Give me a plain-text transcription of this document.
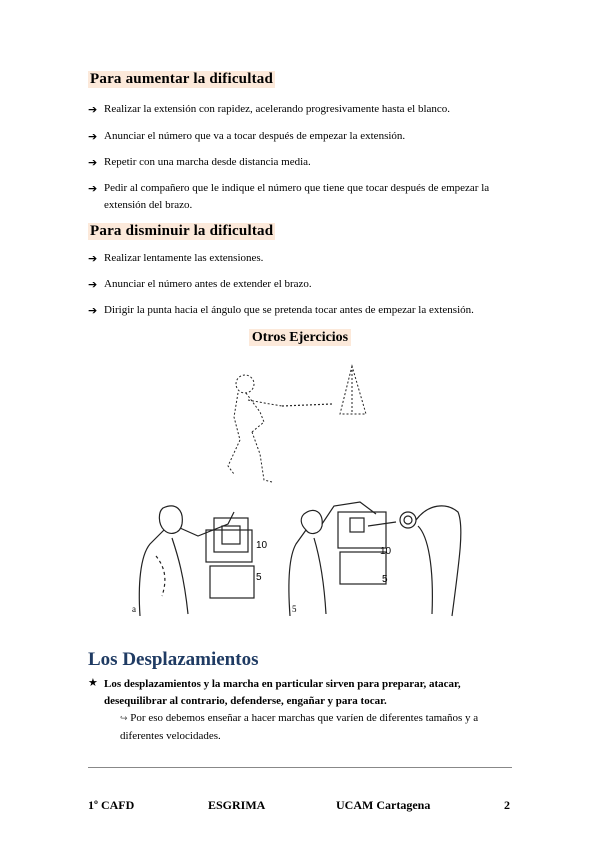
Para aumentar la dificultad
➔ Realizar la extensión con rapidez, acelerando progresivamente hasta el blanco.
➔ Anunciar el número que va a tocar después de empezar la extensión.
➔ Repetir con una marcha desde distancia media.
➔ Pedir al compañero que le indique el número que tiene que tocar después de empezar la extensión del brazo.
Para disminuir la dificultad
➔ Realizar lentamente las extensiones.
➔ Anunciar el número antes de extender el brazo.
➔ Dirigir la punta hacia el ángulo que se pretenda tocar antes de empezar la extensión.
Otros Ejercicios
10
5
10
5
a	5
Los Desplazamientos
★ Los desplazamientos y la marcha en particular sirven para preparar, atacar, desequilibrar al contrario, defenderse, engañar y para tocar.
↪ Por eso debemos enseñar a hacer marchas que varíen de diferentes tamaños y a diferentes velocidades.
1º CAFD	ESGRIMA	UCAM Cartagena	2
